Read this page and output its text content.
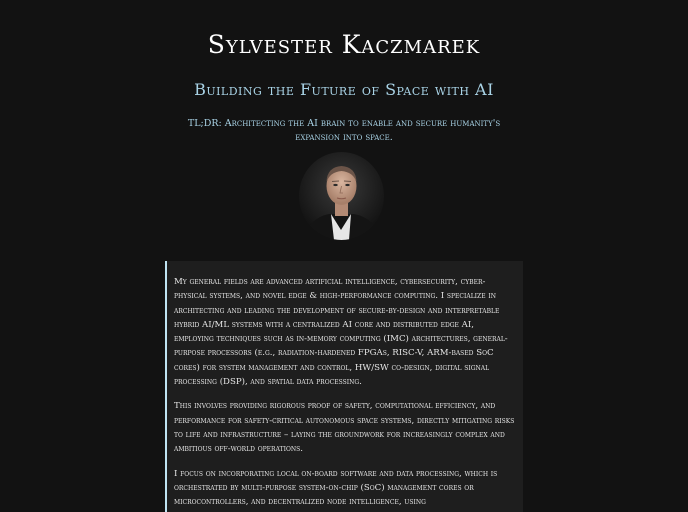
Sylvester Kaczmarek
Building the Future of Space with AI
TL;DR: Architecting the AI brain to enable and secure humanity's expansion into space.

My general fields are advanced artificial intelligence, cybersecurity, cyber-physical systems, and novel edge & high-performance computing. I specialize in architecting and leading the development of secure-by-design and interpretable hybrid AI/ML systems with a centralized AI core and distributed edge AI, employing techniques such as in-memory computing (IMC) architectures, general-purpose processors (e.g., radiation-hardened FPGAs, RISC-V, ARM-based SoC cores) for system management and control, HW/SW co-design, digital signal processing (DSP), and spatial data processing.

This involves providing rigorous proof of safety, computational efficiency, and performance for safety-critical autonomous space systems, directly mitigating risks to life and infrastructure – laying the groundwork for increasingly complex and ambitious off-world operations.

I focus on incorporating local on-board software and data processing, which is orchestrated by multi-purpose system-on-chip (SoC) management cores or microcontrollers, and decentralized node intelligence, using
